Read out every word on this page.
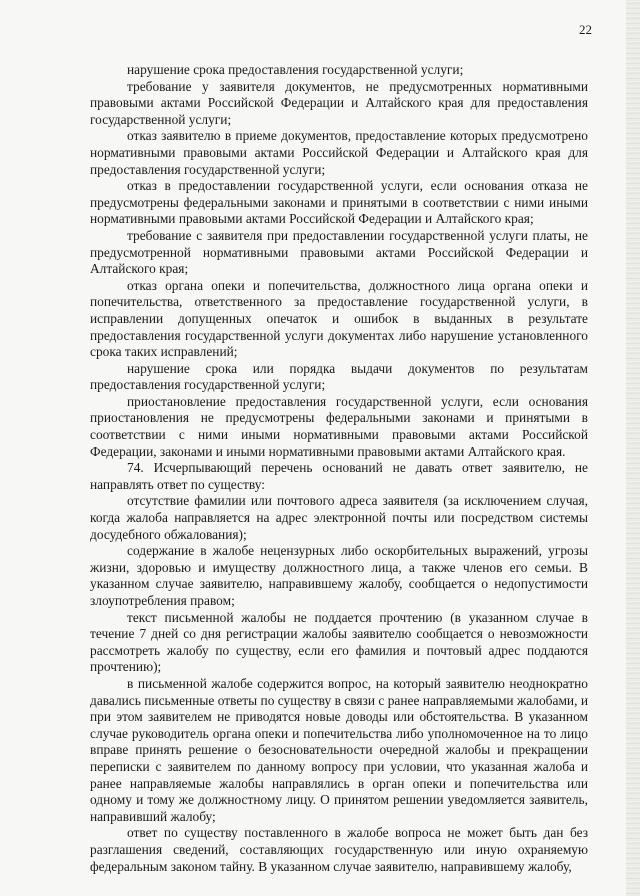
22

нарушение срока предоставления государственной услуги;

требование у заявителя документов, не предусмотренных нормативными правовыми актами Российской Федерации и Алтайского края для предоставления государственной услуги;

отказ заявителю в приеме документов, предоставление которых предусмотрено нормативными правовыми актами Российской Федерации и Алтайского края для предоставления государственной услуги;

отказ в предоставлении государственной услуги, если основания отказа не предусмотрены федеральными законами и принятыми в соответствии с ними иными нормативными правовыми актами Российской Федерации и Алтайского края;

требование с заявителя при предоставлении государственной услуги платы, не предусмотренной нормативными правовыми актами Российской Федерации и Алтайского края;

отказ органа опеки и попечительства, должностного лица органа опеки и попечительства, ответственного за предоставление государственной услуги, в исправлении допущенных опечаток и ошибок в выданных в результате предоставления государственной услуги документах либо нарушение установленного срока таких исправлений;

нарушение срока или порядка выдачи документов по результатам предоставления государственной услуги;

приостановление предоставления государственной услуги, если основания приостановления не предусмотрены федеральными законами и принятыми в соответствии с ними иными нормативными правовыми актами Российской Федерации, законами и иными нормативными правовыми актами Алтайского края.

74. Исчерпывающий перечень оснований не давать ответ заявителю, не направлять ответ по существу:

отсутствие фамилии или почтового адреса заявителя (за исключением случая, когда жалоба направляется на адрес электронной почты или посредством системы досудебного обжалования);

содержание в жалобе нецензурных либо оскорбительных выражений, угрозы жизни, здоровью и имуществу должностного лица, а также членов его семьи. В указанном случае заявителю, направившему жалобу, сообщается о недопустимости злоупотребления правом;

текст письменной жалобы не поддается прочтению (в указанном случае в течение 7 дней со дня регистрации жалобы заявителю сообщается о невозможности рассмотреть жалобу по существу, если его фамилия и почтовый адрес поддаются прочтению);

в письменной жалобе содержится вопрос, на который заявителю неоднократно давались письменные ответы по существу в связи с ранее направляемыми жалобами, и при этом заявителем не приводятся новые доводы или обстоятельства. В указанном случае руководитель органа опеки и попечительства либо уполномоченное на то лицо вправе принять решение о безосновательности очередной жалобы и прекращении переписки с заявителем по данному вопросу при условии, что указанная жалоба и ранее направляемые жалобы направлялись в орган опеки и попечительства или одному и тому же должностному лицу. О принятом решении уведомляется заявитель, направивший жалобу;

ответ по существу поставленного в жалобе вопроса не может быть дан без разглашения сведений, составляющих государственную или иную охраняемую федеральным законом тайну. В указанном случае заявителю, направившему жалобу,
